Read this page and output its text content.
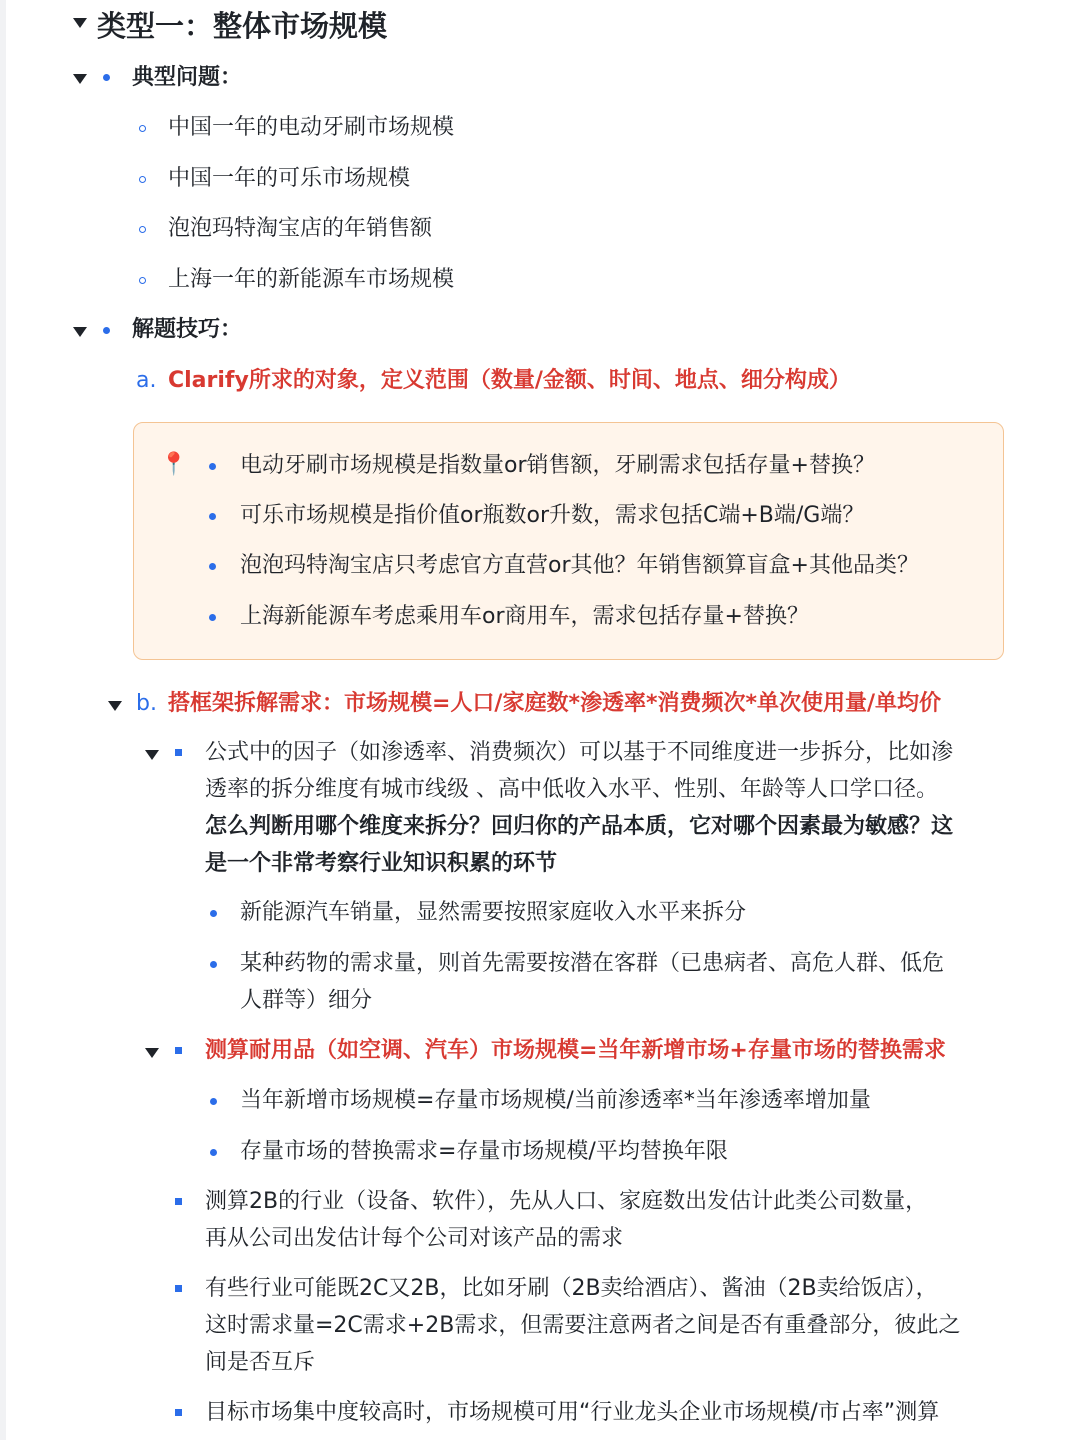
类型一：整体市场规模
典型问题：
中国一年的电动牙刷市场规模
中国一年的可乐市场规模
泡泡玛特淘宝店的年销售额
上海一年的新能源车市场规模
解题技巧：
a. Clarify所求的对象，定义范围（数量/金额、时间、地点、细分构成）
📍 电动牙刷市场规模是指数量or销售额，牙刷需求包括存量+替换？
可乐市场规模是指价值or瓶数or升数，需求包括C端+B端/G端？
泡泡玛特淘宝店只考虑官方直营or其他？年销售额算盲盒+其他品类？
上海新能源车考虑乘用车or商用车，需求包括存量+替换？
b. 搭框架拆解需求：市场规模=人口/家庭数*渗透率*消费频次*单次使用量/单均价
公式中的因子（如渗透率、消费频次）可以基于不同维度进一步拆分，比如渗
透率的拆分维度有城市线级 、高中低收入水平、性别、年龄等人口学口径。
怎么判断用哪个维度来拆分？回归你的产品本质，它对哪个因素最为敏感？这
是一个非常考察行业知识积累的环节
新能源汽车销量，显然需要按照家庭收入水平来拆分
某种药物的需求量，则首先需要按潜在客群（已患病者、高危人群、低危
人群等）细分
测算耐用品（如空调、汽车）市场规模=当年新增市场+存量市场的替换需求
当年新增市场规模=存量市场规模/当前渗透率*当年渗透率增加量
存量市场的替换需求=存量市场规模/平均替换年限
测算2B的行业（设备、软件），先从人口、家庭数出发估计此类公司数量，
再从公司出发估计每个公司对该产品的需求
有些行业可能既2C又2B，比如牙刷（2B卖给酒店）、酱油（2B卖给饭店），
这时需求量=2C需求+2B需求，但需要注意两者之间是否有重叠部分，彼此之
间是否互斥
目标市场集中度较高时，市场规模可用“行业龙头企业市场规模/市占率”测算
